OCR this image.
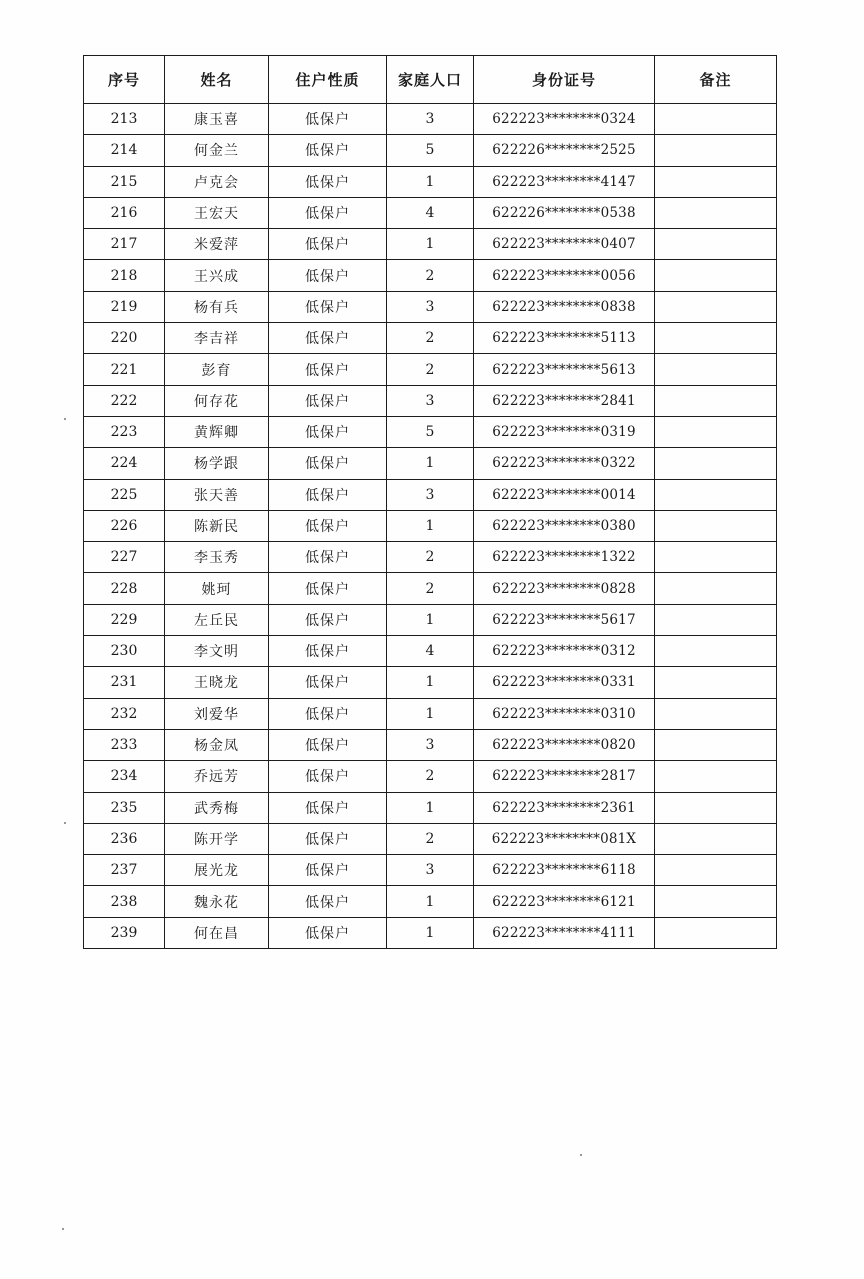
序号	姓名	住户性质	家庭人口	身份证号	备注
213	康玉喜	低保户	3	622223********0324	
214	何金兰	低保户	5	622226********2525	
215	卢克会	低保户	1	622223********4147	
216	王宏天	低保户	4	622226********0538	
217	米爱萍	低保户	1	622223********0407	
218	王兴成	低保户	2	622223********0056	
219	杨有兵	低保户	3	622223********0838	
220	李吉祥	低保户	2	622223********5113	
221	彭育	低保户	2	622223********5613	
222	何存花	低保户	3	622223********2841	
223	黄辉卿	低保户	5	622223********0319	
224	杨学跟	低保户	1	622223********0322	
225	张天善	低保户	3	622223********0014	
226	陈新民	低保户	1	622223********0380	
227	李玉秀	低保户	2	622223********1322	
228	姚珂	低保户	2	622223********0828	
229	左丘民	低保户	1	622223********5617	
230	李文明	低保户	4	622223********0312	
231	王晓龙	低保户	1	622223********0331	
232	刘爱华	低保户	1	622223********0310	
233	杨金凤	低保户	3	622223********0820	
234	乔远芳	低保户	2	622223********2817	
235	武秀梅	低保户	1	622223********2361	
236	陈开学	低保户	2	622223********081X	
237	展光龙	低保户	3	622223********6118	
238	魏永花	低保户	1	622223********6121	
239	何在昌	低保户	1	622223********4111	
